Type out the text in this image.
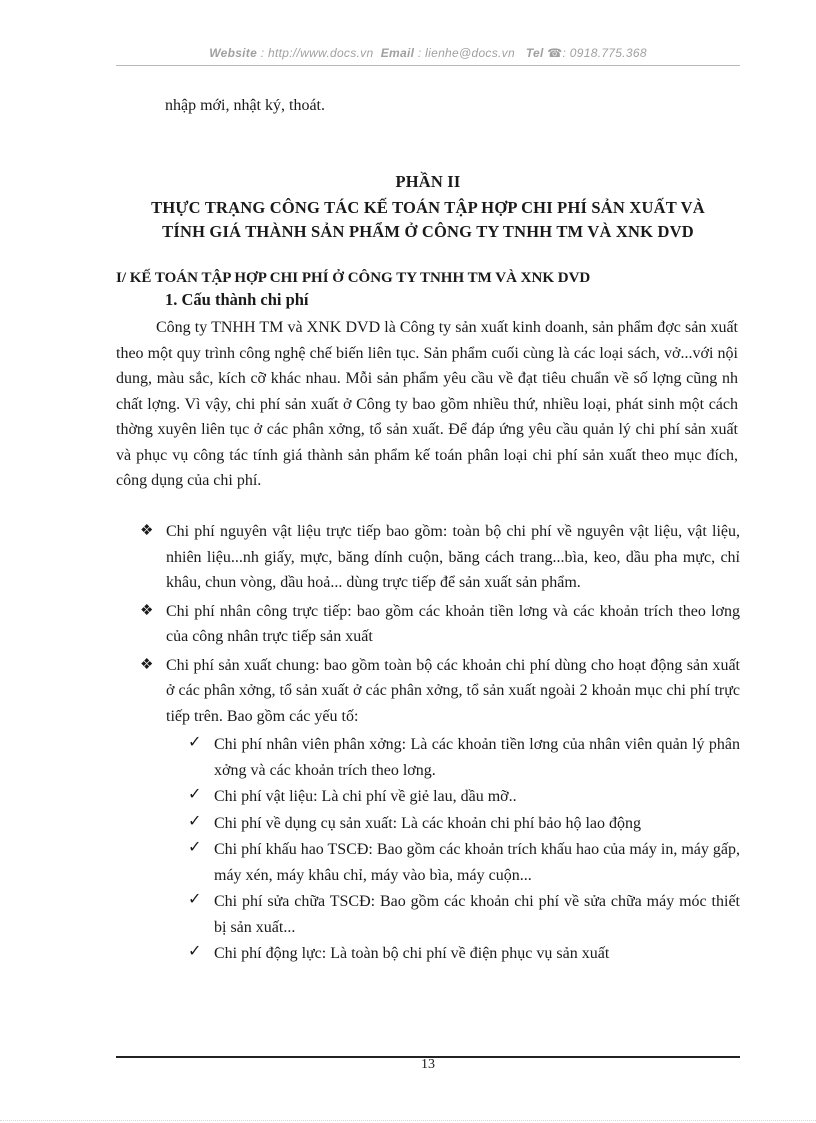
Website : http://www.docs.vn Email : lienhe@docs.vn Tel ☎: 0918.775.368
nhập mới, nhật ký, thoát.
PHẦN II
THỰC TRẠNG CÔNG TÁC KẾ TOÁN TẬP HỢP CHI PHÍ SẢN XUẤT VÀ
TÍNH GIÁ THÀNH SẢN PHẨM Ở CÔNG TY TNHH TM VÀ XNK DVD
I/ KẾ TOÁN TẬP HỢP CHI PHÍ Ở CÔNG TY TNHH TM VÀ XNK DVD
1. Cấu thành chi phí
Công ty TNHH TM và XNK DVD là Công ty sản xuất kinh doanh, sản phẩm đợc sản xuất theo một quy trình công nghệ chế biến liên tục. Sản phẩm cuối cùng là các loại sách, vở...với nội dung, màu sắc, kích cỡ khác nhau. Mỗi sản phẩm yêu cầu về đạt tiêu chuẩn về số lợng cũng nh chất lợng. Vì vậy, chi phí sản xuất ở Công ty bao gồm nhiều thứ, nhiều loại, phát sinh một cách thờng xuyên liên tục ở các phân xởng, tổ sản xuất. Để đáp ứng yêu cầu quản lý chi phí sản xuất và phục vụ công tác tính giá thành sản phẩm kế toán phân loại chi phí sản xuất theo mục đích, công dụng của chi phí.
❖ Chi phí nguyên vật liệu trực tiếp bao gồm: toàn bộ chi phí về nguyên vật liệu, vật liệu, nhiên liệu...nh giấy, mực, băng dính cuộn, băng cách trang...bìa, keo, dầu pha mực, chỉ khâu, chun vòng, dầu hoả... dùng trực tiếp để sản xuất sản phẩm.
❖ Chi phí nhân công trực tiếp: bao gồm các khoản tiền lơng và các khoản trích theo lơng của công nhân trực tiếp sản xuất
❖ Chi phí sản xuất chung: bao gồm toàn bộ các khoản chi phí dùng cho hoạt động sản xuất ở các phân xởng, tổ sản xuất ở các phân xởng, tổ sản xuất ngoài 2 khoản mục chi phí trực tiếp trên. Bao gồm các yếu tố:
✓ Chi phí nhân viên phân xởng: Là các khoản tiền lơng của nhân viên quản lý phân xởng và các khoản trích theo lơng.
✓ Chi phí vật liệu: Là chi phí về giẻ lau, dầu mỡ..
✓ Chi phí về dụng cụ sản xuất: Là các khoản chi phí bảo hộ lao động
✓ Chi phí khấu hao TSCĐ: Bao gồm các khoản trích khấu hao của máy in, máy gấp, máy xén, máy khâu chỉ, máy vào bìa, máy cuộn...
✓ Chi phí sửa chữa TSCĐ: Bao gồm các khoản chi phí về sửa chữa máy móc thiết bị sản xuất...
✓ Chi phí động lực: Là toàn bộ chi phí về điện phục vụ sản xuất
13
